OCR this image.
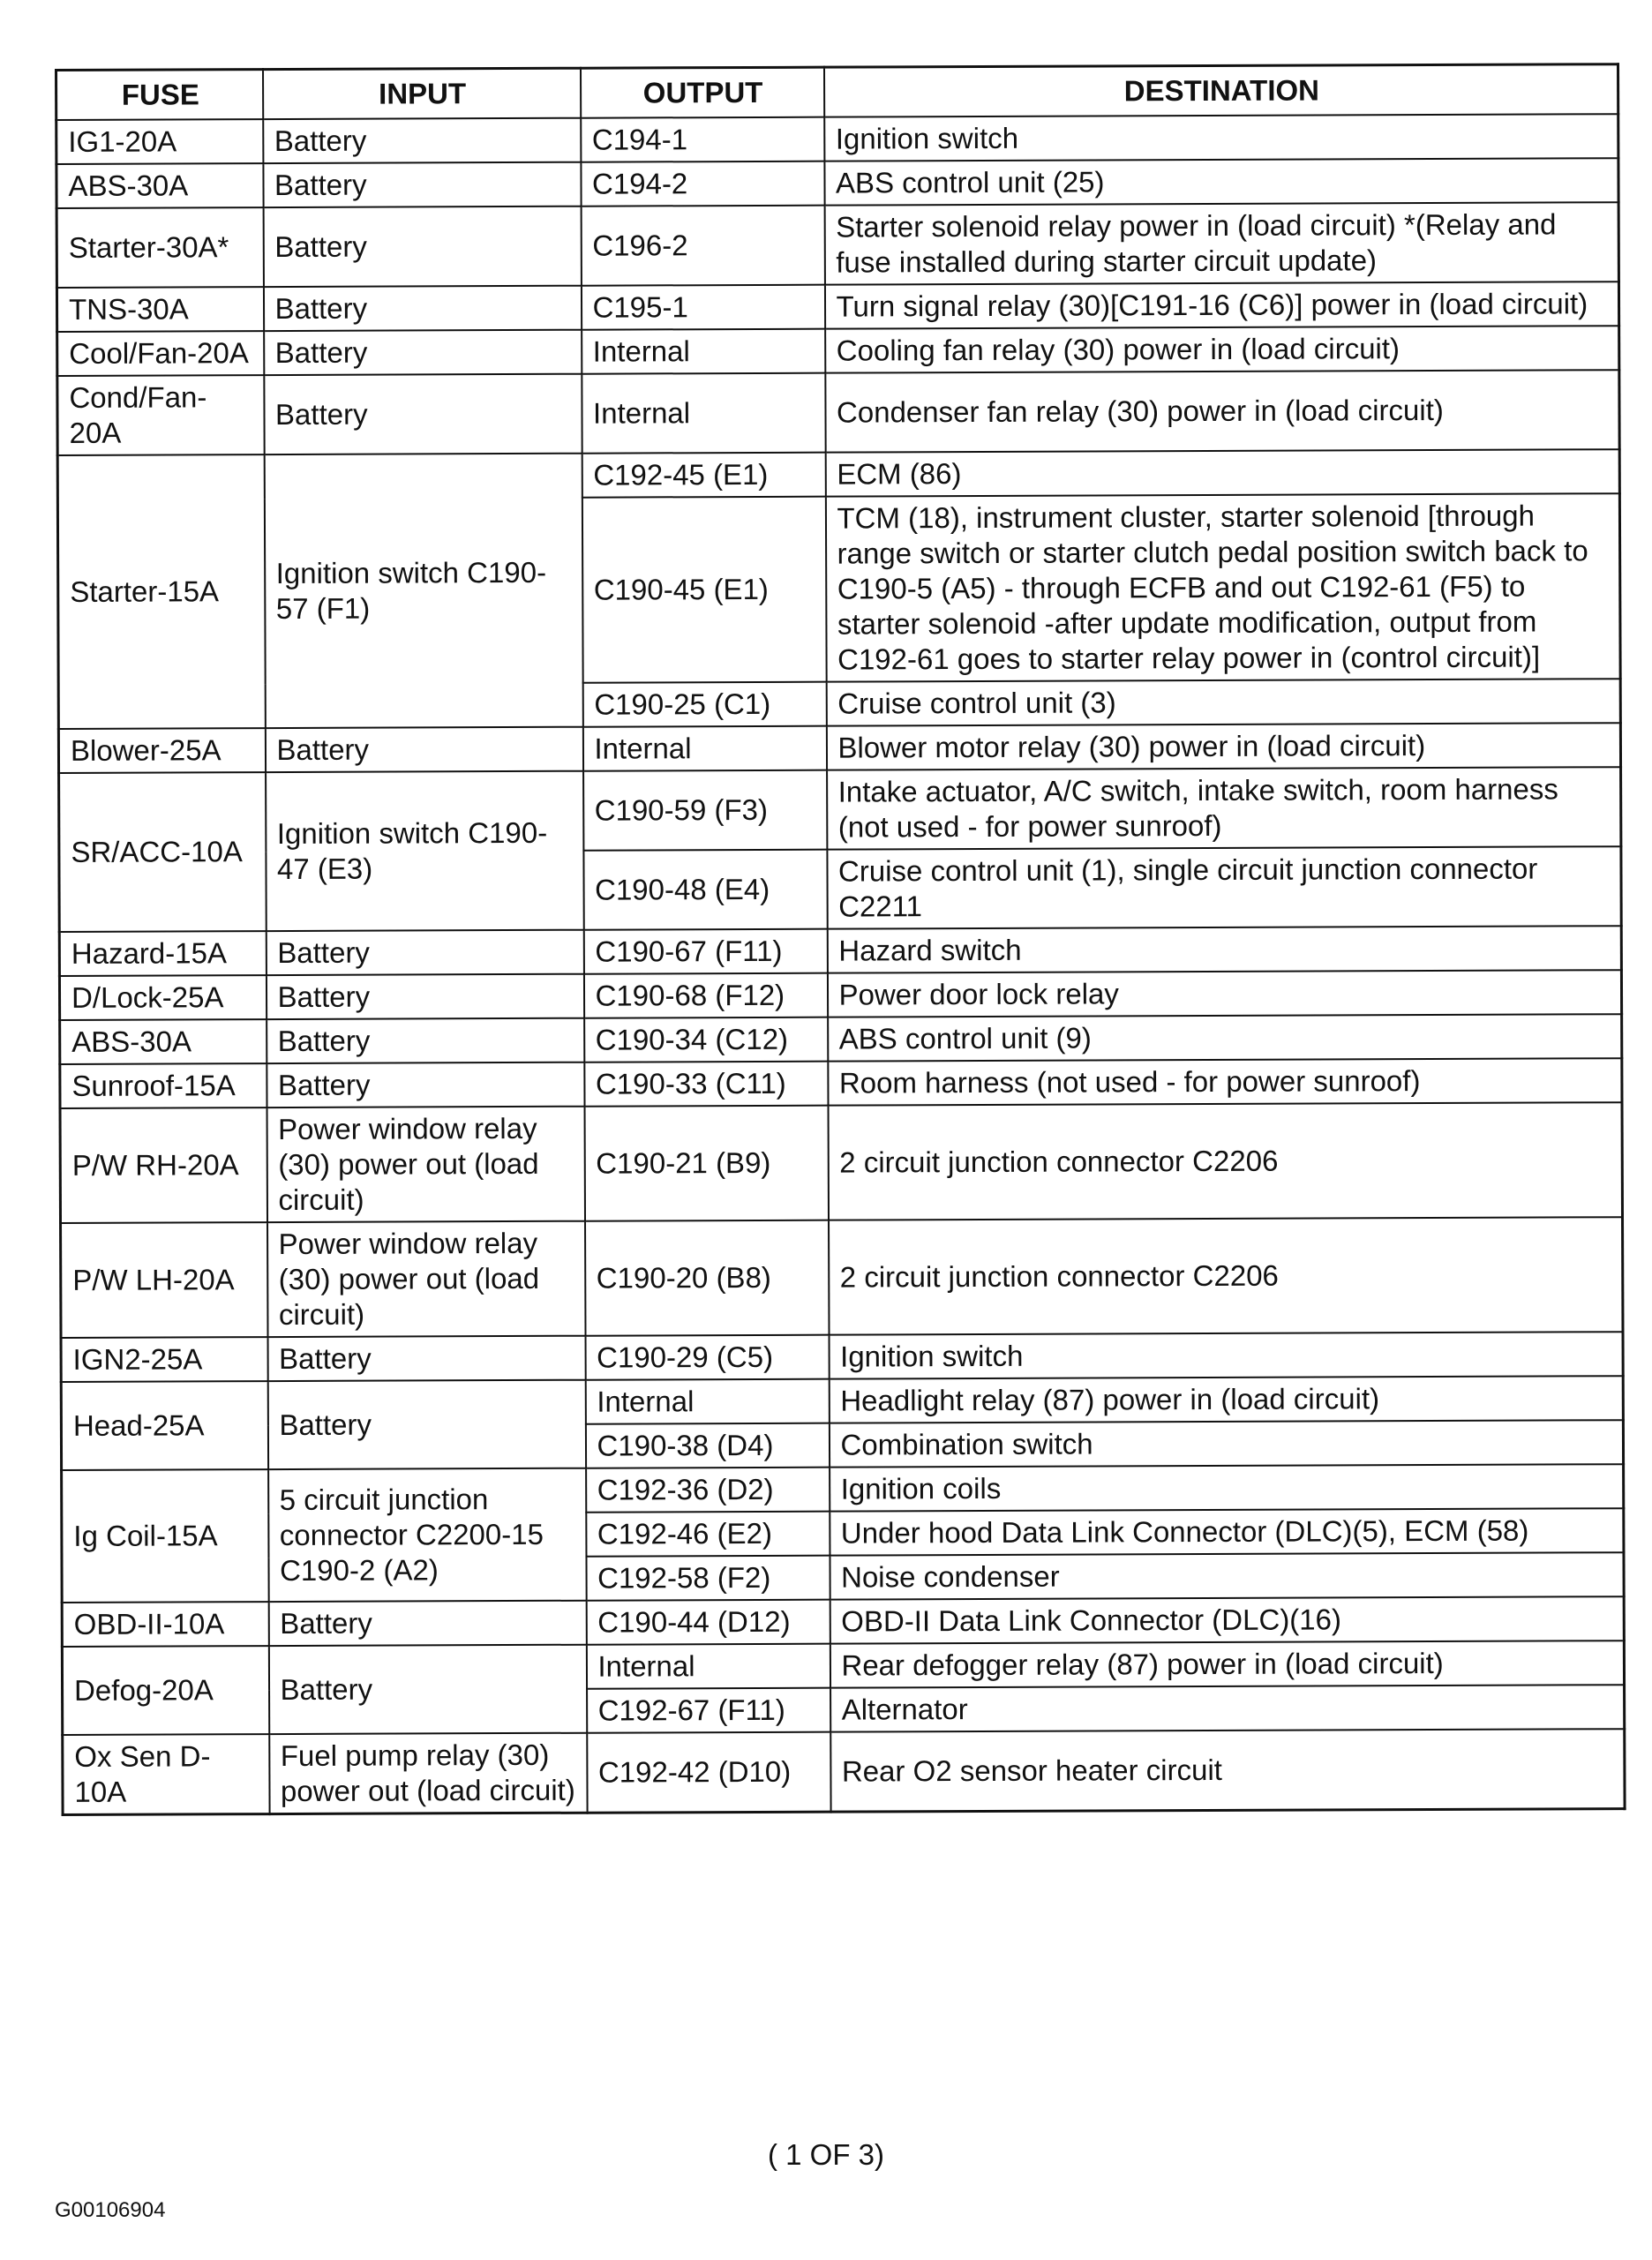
FUSE	INPUT	OUTPUT	DESTINATION
IG1-20A	Battery	C194-1	Ignition switch
ABS-30A	Battery	C194-2	ABS control unit (25)
Starter-30A*	Battery	C196-2	Starter solenoid relay power in (load circuit) *(Relay and fuse installed during starter circuit update)
TNS-30A	Battery	C195-1	Turn signal relay (30)[C191-16 (C6)] power in (load circuit)
Cool/Fan-20A	Battery	Internal	Cooling fan relay (30) power in (load circuit)
Cond/Fan-20A	Battery	Internal	Condenser fan relay (30) power in (load circuit)
Starter-15A	Ignition switch C190-57 (F1)	C192-45 (E1)	ECM (86)
		C190-45 (E1)	TCM (18), instrument cluster, starter solenoid [through range switch or starter clutch pedal position switch back to C190-5 (A5) - through ECFB and out C192-61 (F5) to starter solenoid -after update modification, output from C192-61 goes to starter relay power in (control circuit)]
		C190-25 (C1)	Cruise control unit (3)
Blower-25A	Battery	Internal	Blower motor relay (30) power in (load circuit)
SR/ACC-10A	Ignition switch C190-47 (E3)	C190-59 (F3)	Intake actuator, A/C switch, intake switch, room harness (not used - for power sunroof)
		C190-48 (E4)	Cruise control unit (1), single circuit junction connector C2211
Hazard-15A	Battery	C190-67 (F11)	Hazard switch
D/Lock-25A	Battery	C190-68 (F12)	Power door lock relay
ABS-30A	Battery	C190-34 (C12)	ABS control unit (9)
Sunroof-15A	Battery	C190-33 (C11)	Room harness (not used - for power sunroof)
P/W RH-20A	Power window relay (30) power out (load circuit)	C190-21 (B9)	2 circuit junction connector C2206
P/W LH-20A	Power window relay (30) power out (load circuit)	C190-20 (B8)	2 circuit junction connector C2206
IGN2-25A	Battery	C190-29 (C5)	Ignition switch
Head-25A	Battery	Internal	Headlight relay (87) power in (load circuit)
		C190-38 (D4)	Combination switch
Ig Coil-15A	5 circuit junction connector C2200-15 C190-2 (A2)	C192-36 (D2)	Ignition coils
		C192-46 (E2)	Under hood Data Link Connector (DLC)(5), ECM (58)
		C192-58 (F2)	Noise condenser
OBD-II-10A	Battery	C190-44 (D12)	OBD-II Data Link Connector (DLC)(16)
Defog-20A	Battery	Internal	Rear defogger relay (87) power in (load circuit)
		C192-67 (F11)	Alternator
Ox Sen D-10A	Fuel pump relay (30) power out (load circuit)	C192-42 (D10)	Rear O2 sensor heater circuit
( 1 OF 3)
G00106904
